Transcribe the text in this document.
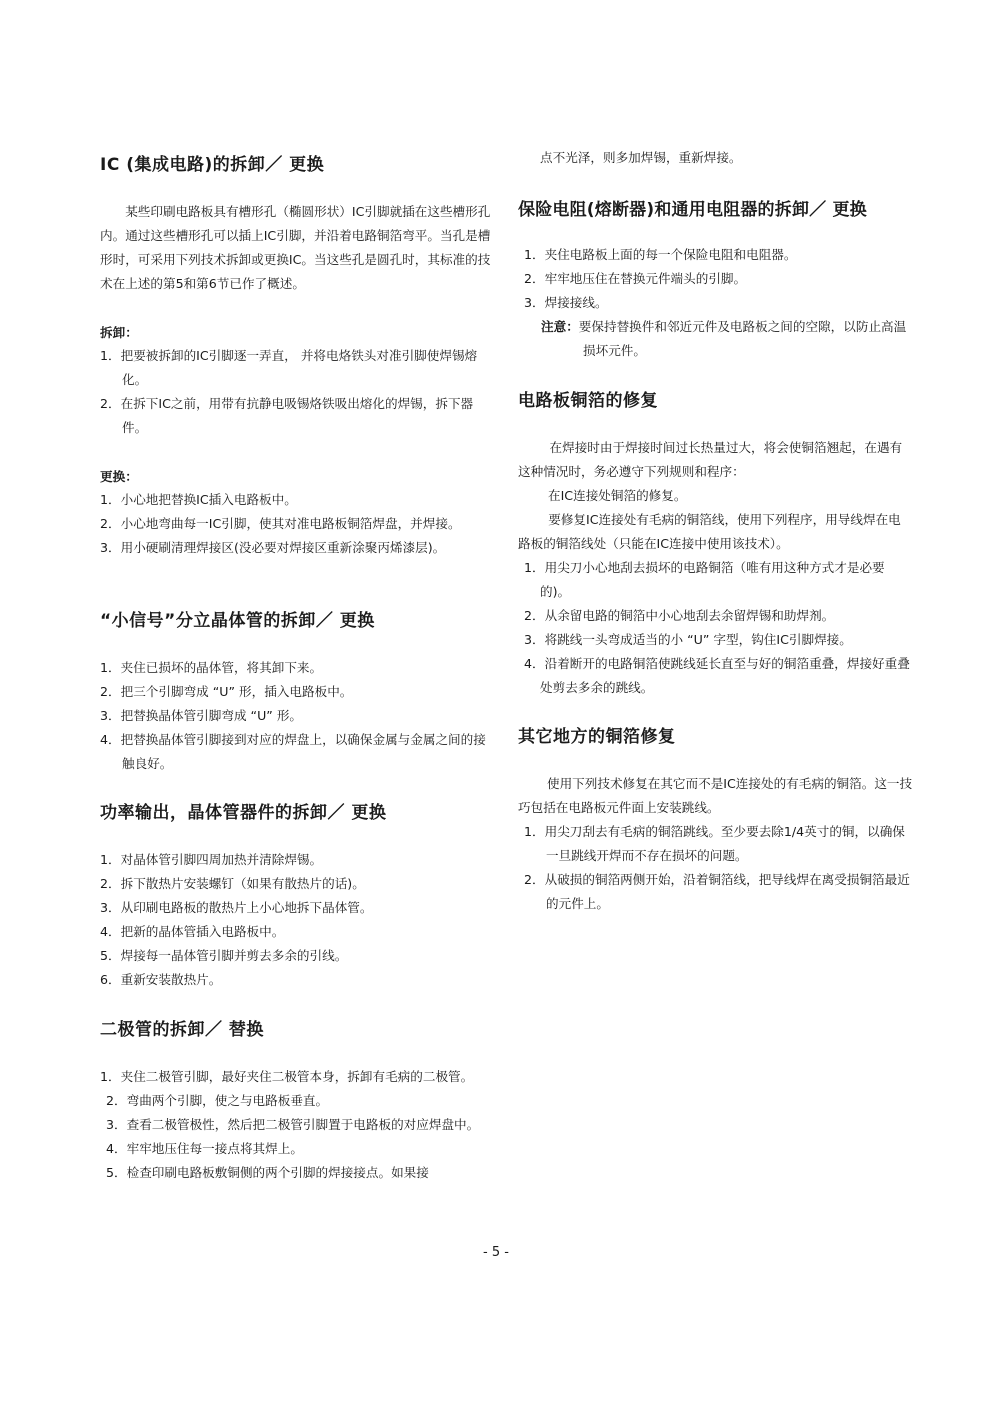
IC (集成电路)的拆卸／ 更换

某些印刷电路板具有槽形孔（椭圆形状）IC引脚就插在这些槽形孔内。通过这些槽形孔可以插上IC引脚，并沿着电路铜箔弯平。当孔是槽形时，可采用下列技术拆卸或更换IC。当这些孔是圆孔时，其标准的技术在上述的第5和第6节已作了概述。

拆卸：
1．把要被拆卸的IC引脚逐一弄直， 并将电烙铁头对准引脚使焊锡熔化。
2．在拆下IC之前，用带有抗静电吸锡烙铁吸出熔化的焊锡，拆下器件。
更换：
1．小心地把替换IC插入电路板中。
2．小心地弯曲每一IC引脚，使其对准电路板铜箔焊盘，并焊接。
3．用小硬刷清理焊接区(没必要对焊接区重新涂聚丙烯漆层)。
“小信号”分立晶体管的拆卸／ 更换
1．夹住已损坏的晶体管，将其卸下来。
2．把三个引脚弯成 “U” 形，插入电路板中。
3．把替换晶体管引脚弯成 “U” 形。
4．把替换晶体管引脚接到对应的焊盘上，以确保金属与金属之间的接触良好。
功率输出，晶体管器件的拆卸／ 更换
1．对晶体管引脚四周加热并清除焊锡。
2．拆下散热片安装螺钉（如果有散热片的话)。
3．从印刷电路板的散热片上小心地拆下晶体管。
4．把新的晶体管插入电路板中。
5．焊接每一晶体管引脚并剪去多余的引线。
6．重新安装散热片。
二极管的拆卸／ 替换
1．夹住二极管引脚，最好夹住二极管本身，拆卸有毛病的二极管。
2．弯曲两个引脚，使之与电路板垂直。
3．查看二极管极性，然后把二极管引脚置于电路板的对应焊盘中。
4．牢牢地压住每一接点将其焊上。
5．检查印刷电路板敷铜侧的两个引脚的焊接接点。如果接

点不光泽，则多加焊锡，重新焊接。

保险电阻(熔断器)和通用电阻器的拆卸／ 更换
1．夹住电路板上面的每一个保险电阻和电阻器。
2．牢牢地压住在替换元件端头的引脚。
3．焊接接线。
注意：要保持替换件和邻近元件及电路板之间的空隙，以防止高温损坏元件。
电路板铜箔的修复

在焊接时由于焊接时间过长热量过大，将会使铜箔翘起，在遇有这种情况时，务必遵守下列规则和程序：

在IC连接处铜箔的修复。

要修复IC连接处有毛病的铜箔线，使用下列程序，用导线焊在电路板的铜箔线处（只能在IC连接中使用该技术）。

1．用尖刀小心地刮去损坏的电路铜箔（唯有用这种方式才是必要的)。
2．从余留电路的铜箔中小心地刮去余留焊锡和助焊剂。
3．将跳线一头弯成适当的小 “U” 字型，钩住IC引脚焊接。
4．沿着断开的电路铜箔使跳线延长直至与好的铜箔重叠，焊接好重叠处剪去多余的跳线。
其它地方的铜箔修复

使用下列技术修复在其它而不是IC连接处的有毛病的铜箔。这一技巧包括在电路板元件面上安装跳线。

1．用尖刀刮去有毛病的铜箔跳线。至少要去除1/4英寸的铜，以确保一旦跳线开焊而不存在损坏的问题。
2．从破损的铜箔两侧开始，沿着铜箔线，把导线焊在离受损铜箔最近的元件上。
- 5 -
